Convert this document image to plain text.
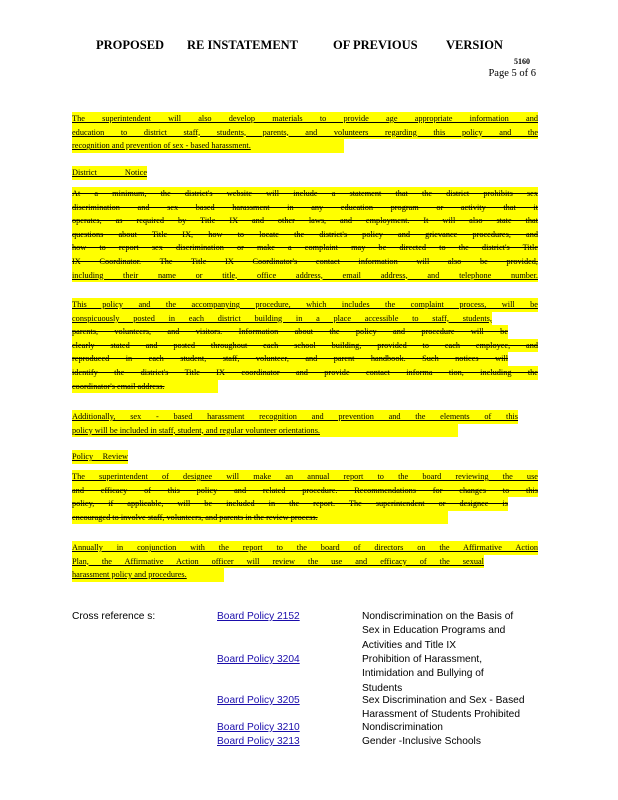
PROPOSED RE INSTATEMENT	OF PREVIOUS VERSION
5160
Page 5 of 6
The superintendent will also develop materials to provide age appropriate information and
education to district staff, students, parents, and volunteers regarding this policy and the
recognition and prevention of sex - based harassment.
District Notice
At a minimum, the district's website will include a statement that the district prohibits sex
discrimination and sex based harassment in any education program or activity that it
operates, as required by Title IX and other laws, and employment. It will also state that
questions about Title IX, how to locate the district's policy and grievance procedures, and
how to report sex discrimination or make a complaint may be directed to the district's Title
IX Coordinator. The Title IX Coordinator's contact information will also be provided,
including their name or title, office address, email address, and telephone number.
This policy and the accompanying procedure, which includes the complaint process, will be
conspicuously posted in each district building in a place accessible to staff, students,
parents, volunteers, and visitors. Information about the policy and procedure will be
clearly stated and posted throughout each school building, provided to each employee, and
reproduced in each student, staff, volunteer, and parent handbook. Such notices will
identify the district's Title IX coordinator and provide contact informa tion, including the
coordinator's email address.
Additionally, sex - based harassment recognition and prevention and the elements of this
policy will be included in staff, student, and regular volunteer orientations.
Policy Review
The superintendent of designee will make an annual report to the board reviewing the use
and efficacy of this policy and related procedure. Recommendations for changes to this
policy, if applicable, will be included in the report. The superintendent or designee is
encouraged to involve staff, volunteers, and parents in the review process.
Annually in conjunction with the report to the board of directors on the Affirmative Action
Plan, the Affirmative Action officer will review the use and efficacy of the sexual
harassment policy and procedures.
Cross reference s:	Board Policy 2152	Nondiscrimination on the Basis of
Sex in Education Programs and
Activities and Title IX
Board Policy 3204	Prohibition of Harassment,
Intimidation and Bullying of
Students
Board Policy 3205	Sex Discrimination and Sex - Based
Harassment of Students Prohibited
Board Policy 3210	Nondiscrimination
Board Policy 3213	Gender -Inclusive Schools
